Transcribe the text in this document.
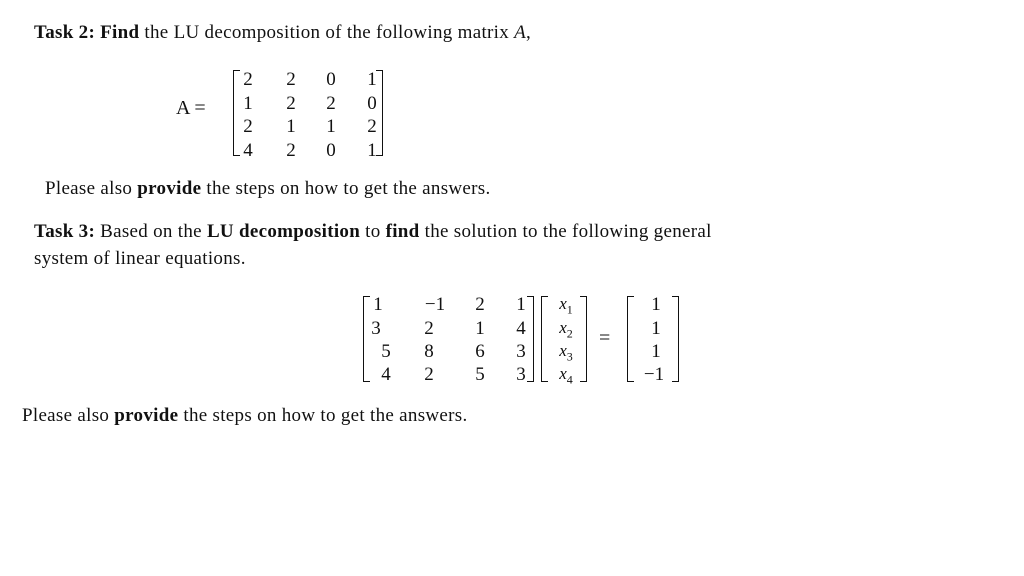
Task 2: Find the LU decomposition of the following matrix A,
A =
2	2	0	1
1	2	2	0
2	1	1	2
4	2	0	1
Please also provide the steps on how to get the answers.
Task 3: Based on the LU decomposition to find the solution to the following general
system of linear equations.
1	−1	2	1
3	2	1	4
5	8	6	3
4	2	5	3
$x_1$
$x_2$
$x_3$
$x_4$
=
1
1
1
−1
Please also provide the steps on how to get the answers.
